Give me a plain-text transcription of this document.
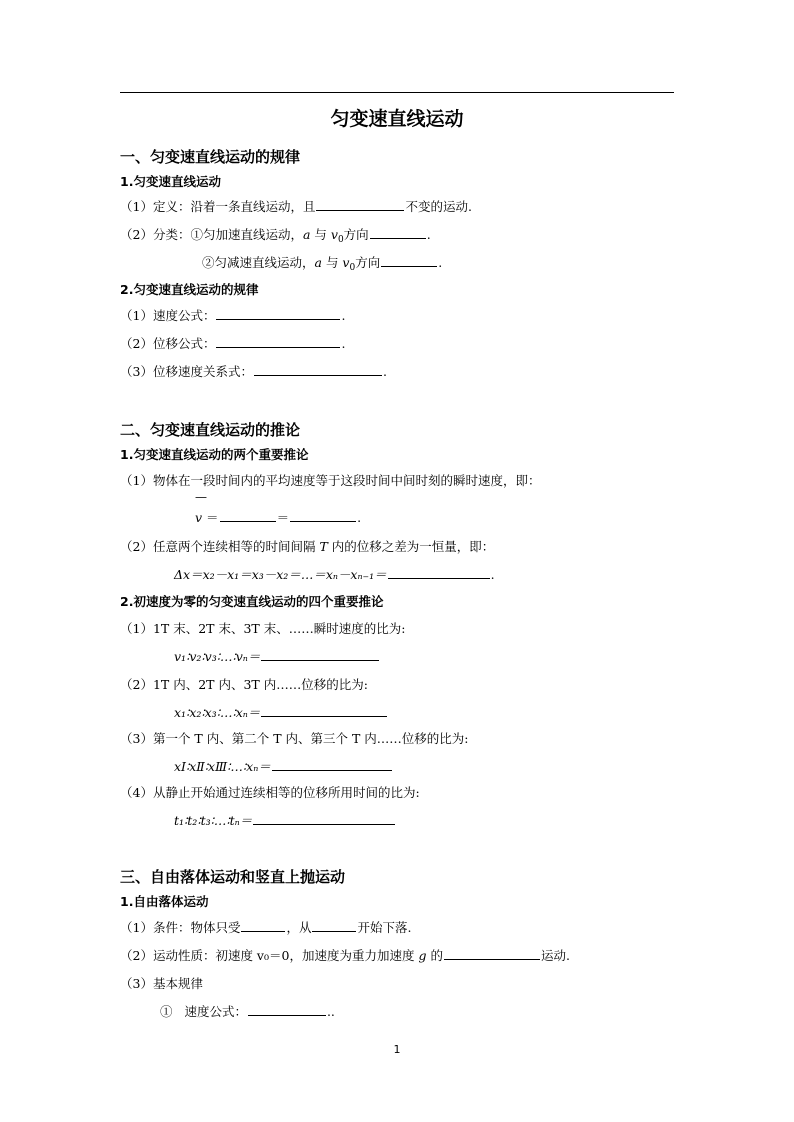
匀变速直线运动
一、匀变速直线运动的规律
1.匀变速直线运动
（1）定义：沿着一条直线运动，且	不变的运动.
（2）分类：①匀加速直线运动，a 与 $v_0$方向	.
②匀减速直线运动，a 与 $v_0$方向	.
2.匀变速直线运动的规律
（1）速度公式：	.
（2）位移公式：	.
（3）位移速度关系式：	.
二、匀变速直线运动的推论
1.匀变速直线运动的两个重要推论
（1）物体在一段时间内的平均速度等于这段时间中间时刻的瞬时速度，即：
—
v ＝	＝	.
（2）任意两个连续相等的时间间隔 T 内的位移之差为一恒量，即：
Δx＝x₂－x₁＝x₃－x₂＝…＝xₙ－xₙ₋₁＝	.
2.初速度为零的匀变速直线运动的四个重要推论
（1）1T 末、2T 末、3T 末、……瞬时速度的比为:
v₁∶v₂∶v₃∶…∶vₙ＝
（2）1T 内、2T 内、3T 内……位移的比为:
x₁∶x₂∶x₃∶…∶xₙ＝
（3）第一个 T 内、第二个 T 内、第三个 T 内……位移的比为:
xⅠ∶xⅡ∶xⅢ∶…∶xₙ＝
（4）从静止开始通过连续相等的位移所用时间的比为:
t₁∶t₂∶t₃∶…∶tₙ＝
三、自由落体运动和竖直上抛运动
1.自由落体运动
（1）条件：物体只受	，从	开始下落.
（2）运动性质：初速度 v₀＝0，加速度为重力加速度 g 的	运动.
（3）基本规律
① 速度公式：	..
1
